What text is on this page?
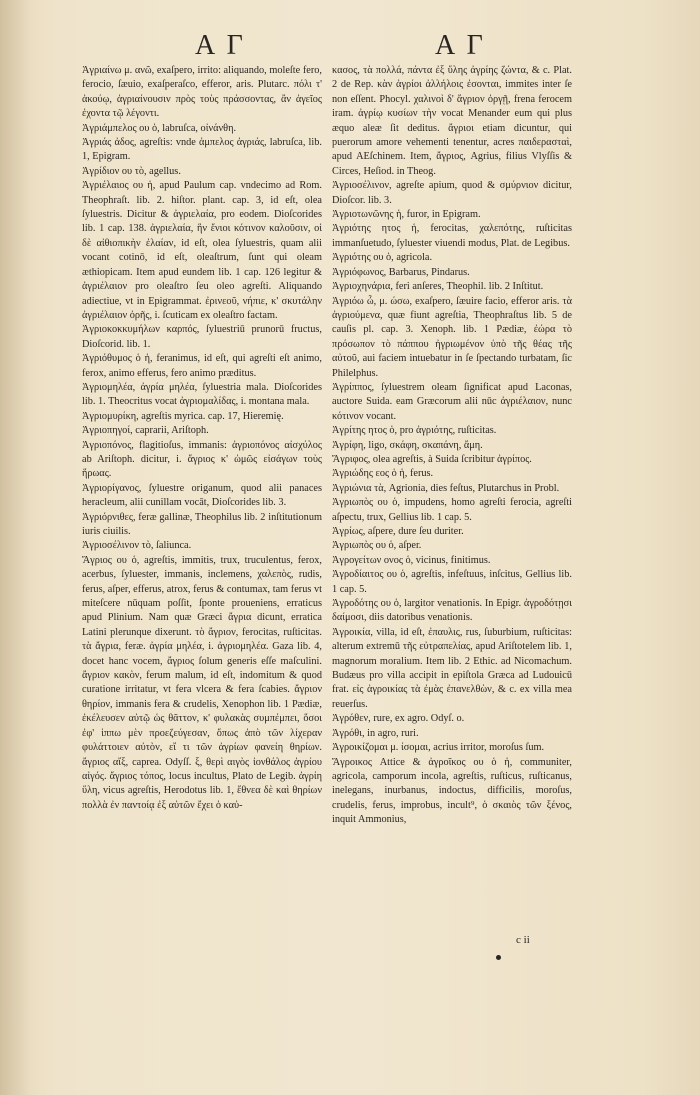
Α Γ	Α Γ

Ἀγριαίνω μ. ανῶ, exaſpero, irrito: aliquando, moleſte fero, ferocio, ſæuio, exaſperaſco, efferor, aris. Plutarc. πόλι τ' ἀκούῳ, ἀγριαίνουσιν πρὸς τοὺς πράσσοντας, ἂν ἀγεῖος ἐχοντα τῷ λέγοντι.

Ἀγριάμπελος ου ὁ, labruſca, οἰνάνθη.

Ἀγριάς ἀδος, agreſtis: vnde ἀμπελος ἀγριάς, labruſca, lib. 1, Epigram.

Ἀγρίδιον ου τὸ, agellus.

Ἀγριέλαιος ου ἡ, apud Paulum cap. vndecimo ad Rom. Theophraſt. lib. 2. hiſtor. plant. cap. 3, id eſt, olea ſyluestris. Dicitur & ἀγριελαία, pro eodem. Dioſcorides lib. 1 cap. 138. ἀγριελαία, ἣν ἔνιοι κότινον καλοῦσιν, οἱ δὲ αἰθιοπικὴν ἐλαίαν, id eſt, olea ſyluestris, quam alii vocant cotinō, id eſt, oleaſtrum, ſunt qui oleam æthiopicam. Item apud eundem lib. 1 cap. 126 legitur & ἀγριέλαιον pro oleaſtro ſeu oleo agreſti. Aliquando adiectiue, vt in Epigrammat. ἐρινεοῦ, νήπιε, κ' σκυτάλην ἀγριέλαιον ὀρῆς, i. ſcuticam ex oleaſtro factam.

Ἀγριοκοκκυμήλων καρπός, ſyluestriū prunorū fructus, Dioſcorid. lib. 1.

Ἀγριόθυμος ὁ ἡ, feranimus, id eſt, qui agreſti eſt animo, ferox, animo efferus, fero animo præditus.

Ἀγριομηλέα, ἀγρία μηλέα, ſyluestria mala. Dioſcorides lib. 1. Theocritus vocat ἀγριομαλίδας, i. montana mala.

Ἀγριομυρίκη, agreſtis myrica. cap. 17, Hieremię.

Ἀγριοπηγοί, caprarii, Ariſtoph.

Ἀγριοπόνος, flagitioſus, immanis: ἀγριοπόνος αἰσχύλος ab Ariſtoph. dicitur, i. ἄγριος κ' ὠμῶς εἰσάγων τοὺς ἥρωας.

Ἀγριορίγανος, ſyluestre origanum, quod alii panaces heracleum, alii cunillam vocāt, Dioſcorides lib. 3.

Ἀγριόρνιθες, feræ gallinæ, Theophilus lib. 2 inſtitutionum iuris ciuilis.

Ἀγριοσέλινον τὸ, ſaliunca.

Ἄγριος ου ὁ, agreſtis, immitis, trux, truculentus, ferox, acerbus, ſyluester, immanis, inclemens, χαλεπὸς, rudis, ferus, aſper, efferus, atrox, ferus & contumax, tam ferus vt miteſcere nūquam poſſit, ſponte proueniens, erraticus apud Plinium. Nam quæ Græci ἄγρια dicunt, erratica Latini plerunque dixerunt. τὸ ἄγριον, ferocitas, ruſticitas. τὰ ἄγρια, feræ. ἀγρία μηλέα, i. ἀγριομηλέα. Gaza lib. 4, docet hanc vocem, ἄγριος ſolum generis eſſe maſculini. ἄγριον κακὸν, ferum malum, id eſt, indomitum & quod curatione irritatur, vt fera vlcera & fera ſcabies. ἄγριον θηρίον, immanis fera & crudelis, Xenophon lib. 1 Pædiæ, ἐκέλευσεν αὐτῷ ὡς θᾶττον, κ' φυλακὰς συμπέμπει, ὅσοι ἐφ' ἱππω μὲν προεζεύγεσαν, ὅπως ἀπὸ τῶν λίχεραν φυλάττοιεν αὐτὸν, εἴ τι τῶν ἀγρίων φανείη θηρίων. ἄγριος αἴξ, caprea. Odyſſ. ξ, θερὶ αιγὸς ἰονθάλος ἀγρίου αἰγός. ἄγριος τόπος, locus incultus, Plato de Legib. ἀγρίη ὕλη, vicus agreſtis, Herodotus lib. 1, ἔθνεα δὲ καὶ θηρίων πολλὰ ἐν παντοίᾳ ἐξ αὐτῶν ἔχει ὁ καὐ-

κασος, τὰ πολλά, πάντα ἐξ ὕλης ἀγρίης ζώντα, & c. Plat. 2 de Rep. κὰν ἀγρίοι ἀλλήλοις ἐσονται, immites inter ſe non eſſent. Phocyl. χαλινοὶ δ' ἄγριον ὀργῇ, frena ferocem iram. ἀγρίῳ κυσίων τὴν vocat Menander eum qui plus æquo aleæ ſit deditus. ἄγριοι etiam dicuntur, qui puerorum amore vehementi tenentur, acres παιδερασταὶ, apud AEſchinem. Item, ἄγριος, Agrius, filius Vlyſſis & Circes, Heſiod. in Theog.

Ἀγριοσέλινον, agreſte apium, quod & σμύρνιον dicitur, Dioſcor. lib. 3.

Ἀγριοτωνῶνης ἡ, furor, in Epigram.

Ἀγριότης ητος ἡ, ferocitas, χαλεπότης, ruſticitas immanſuetudo, ſyluester viuendi modus, Plat. de Legibus.

Ἀγριότης ου ὁ, agricola.

Ἀγριόφωνος, Barbarus, Pindarus.

Ἀγριοχηνάρια, feri anſeres, Theophil. lib. 2 Inſtitut.

Ἀγριόω ὦ, μ. ώσω, exaſpero, ſæuire facio, efferor aris. τὰ ἀγριούμενα, quæ fiunt agreſtia, Theophraſtus lib. 5 de cauſis pl. cap. 3. Xenoph. lib. 1 Pædiæ, ἐώρα τὸ πρόσωπον τὸ πάππου ἠγριωμένον ὑπὸ τῆς θέας τῆς αὐτοῦ, aui faciem intuebatur in ſe ſpectando turbatam, ſic Philelphus.

Ἀγρίππος, ſyluestrem oleam ſignificat apud Laconas, auctore Suida. eam Græcorum alii nūc ἀγριέλαιον, nunc κότινον vocant.

Ἀγρίτης ητος ὁ, pro ἀγριότης, ruſticitas.

Ἀγρίφη, ligo, σκάφη, σκαπάνη, ἄμη.

Ἄγριφος, olea agreſtis, à Suida ſcribitur ἀγρίπος.

Ἀγριώδης εος ὁ ἡ, ferus.

Ἀγριώνια τὰ, Agrionia, dies feſtus, Plutarchus in Probl.

Ἀγριωπὸς ου ὁ, impudens, homo agreſti ferocia, agreſti aſpectu, trux, Gellius lib. 1 cap. 5.

Ἀγρίως, aſpere, dure ſeu duriter.

Ἀγριωπὸς ου ὁ, aſper.

Ἀγρογείτων ονος ὁ, vicinus, finitimus.

Ἀγροδίαιτος ου ὁ, agreſtis, infeſtuus, inſcitus, Gellius lib. 1 cap. 5.

Ἀγροδότης ου ὁ, largitor venationis. In Epigr. ἀγροδότῃσι δαίμοσι, diis datoribus venationis.

Ἀγροικία, villa, id eſt, ἐπαυλις, rus, ſuburbium, ruſticitas: alterum extremū τῆς εὐτραπελίας, apud Ariſtotelem lib. 1, magnorum moralium. Item lib. 2 Ethic. ad Nicomachum. Budæus pro villa accipit in epiſtola Græca ad Ludouicū frat. εἰς ἀγροικίας τὰ ἐμὰς ἐπανελθὼν, & c. ex villa mea reuerſus.

Ἀγρόθεν, rure, ex agro. Odyſ. ο.

Ἀγρόθι, in agro, ruri.

Ἀγροικίζομαι μ. ίσομαι, acrius irritor, moroſus ſum.

Ἄγροικος Attice & ἀγροῖκος ου ὁ ἡ, communiter, agricola, camporum incola, agreſtis, ruſticus, ruſticanus, inelegans, inurbanus, indoctus, difficilis, moroſus, crudelis, ferus, improbus, incult⁹, ὁ σκαιὸς τῶν ξένος, inquit Ammonius,

c ii
